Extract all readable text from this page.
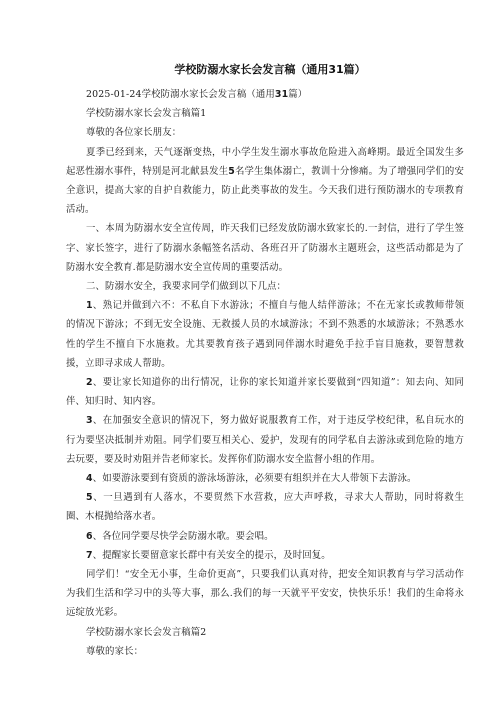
学校防溺水家长会发言稿（通用31篇）

2025-01-24学校防溺水家长会发言稿（通用31篇）

学校防溺水家长会发言稿篇1

尊敬的各位家长朋友：

夏季已经到来，天气逐渐变热，中小学生发生溺水事故危险进入高峰期。最近全国发生多起恶性溺水事件，特别是河北献县发生5名学生集体溺亡，教训十分惨痛。为了增强同学们的安全意识，提高大家的自护自救能力，防止此类事故的发生。今天我们进行预防溺水的专项教育活动。

一、本周为防溺水安全宣传周，昨天我们已经发放防溺水致家长的.一封信，进行了学生签字、家长签字，进行了防溺水条幅签名活动、各班召开了防溺水主题班会，这些活动都是为了防溺水安全教育.都是防溺水安全宣传周的重要活动。

二、防溺水安全，我要求同学们做到以下几点：

1、熟记并做到六不：不私自下水游泳；不擅自与他人结伴游泳；不在无家长或教师带领的情况下游泳；不到无安全设施、无救援人员的水域游泳；不到不熟悉的水域游泳；不熟悉水性的学生不擅自下水施救。尤其要教育孩子遇到同伴溺水时避免手拉手盲目施救，要智慧救援，立即寻求成人帮助。

2、要让家长知道你的出行情况，让你的家长知道并家长要做到“四知道”：知去向、知同伴、知归时、知内容。

3、在加强安全意识的情况下，努力做好说服教育工作，对于违反学校纪律，私自玩水的行为要坚决抵制并劝阻。同学们要互相关心、爱护，发现有的同学私自去游泳或到危险的地方去玩要，要及时劝阻并告老师家长。发挥你们防溺水安全监督小组的作用。

4、如要游泳要到有资质的游泳场游泳，必须要有组织并在大人带领下去游泳。

5、一旦遇到有人落水，不要贸然下水营救，应大声呼救，寻求大人帮助，同时将救生圈、木棍抛给落水者。

6、各位同学要尽快学会防溺水歌。要会唱。

7、提醒家长要留意家长群中有关安全的提示，及时回复。

同学们！“安全无小事，生命价更高”，只要我们认真对待，把安全知识教育与学习活动作为我们生活和学习中的头等大事，那么.我们的每一天就平平安安，快快乐乐！我们的生命将永远绽放光彩。

学校防溺水家长会发言稿篇2

尊敬的家长：
